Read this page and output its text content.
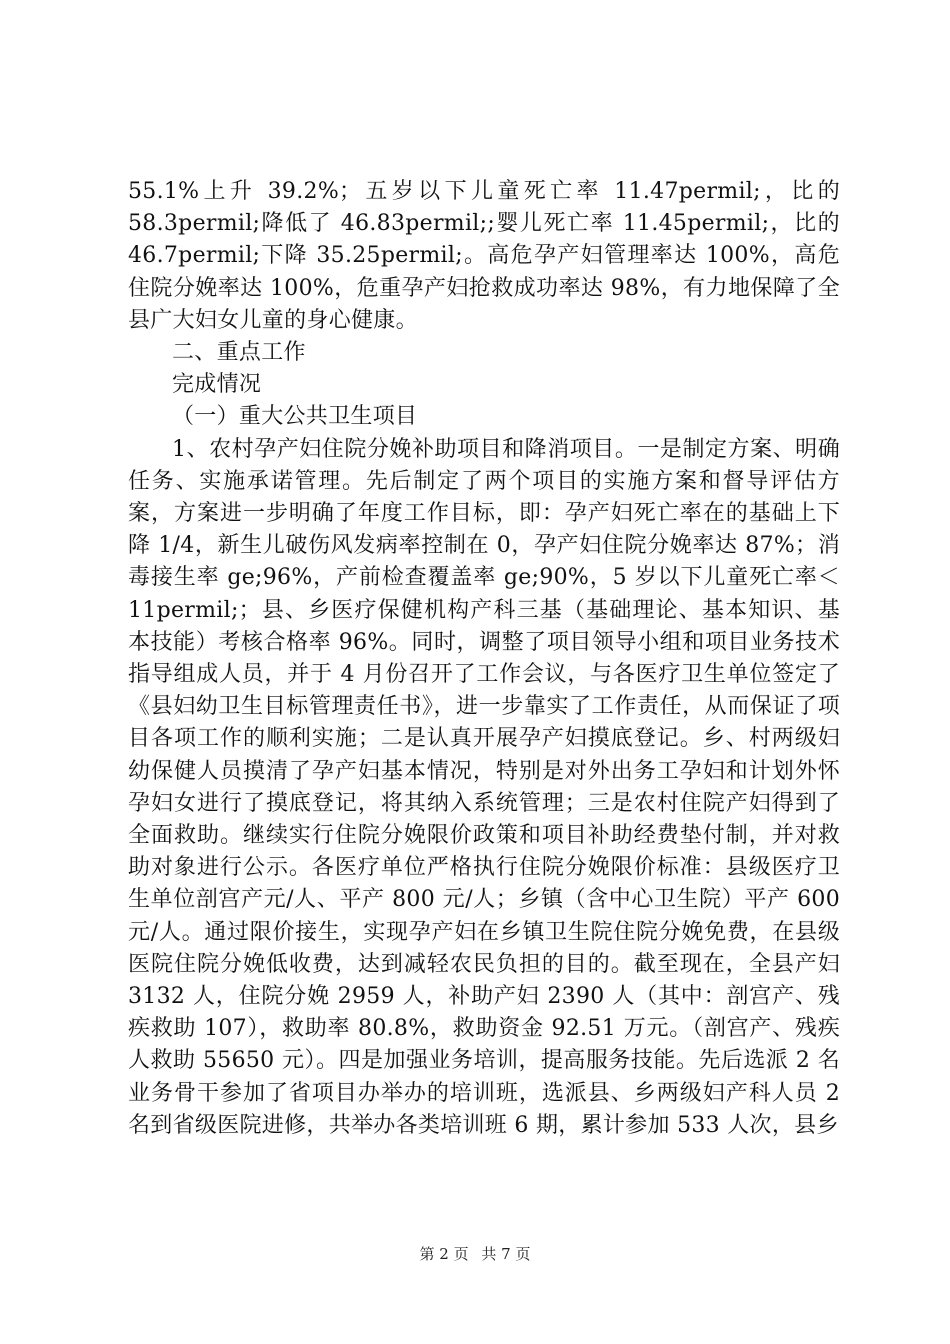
55.1%上升 39.2%；五岁以下儿童死亡率 11.47permil;，比的 58.3permil;降低了 46.83permil;;婴儿死亡率 11.45permil;，比的 46.7permil;下降 35.25permil;。高危孕产妇管理率达 100%，高危住院分娩率达 100%，危重孕产妇抢救成功率达 98%，有力地保障了全县广大妇女儿童的身心健康。

二、重点工作

完成情况

（一）重大公共卫生项目

1、农村孕产妇住院分娩补助项目和降消项目。一是制定方案、明确任务、实施承诺管理。先后制定了两个项目的实施方案和督导评估方案，方案进一步明确了年度工作目标，即：孕产妇死亡率在的基础上下降 1/4，新生儿破伤风发病率控制在 0，孕产妇住院分娩率达 87%；消毒接生率 ge;96%，产前检查覆盖率 ge;90%，5 岁以下儿童死亡率＜11permil;；县、乡医疗保健机构产科三基（基础理论、基本知识、基本技能）考核合格率 96%。同时，调整了项目领导小组和项目业务技术指导组成人员，并于 4 月份召开了工作会议，与各医疗卫生单位签定了《县妇幼卫生目标管理责任书》，进一步靠实了工作责任，从而保证了项目各项工作的顺利实施；二是认真开展孕产妇摸底登记。乡、村两级妇幼保健人员摸清了孕产妇基本情况，特别是对外出务工孕妇和计划外怀孕妇女进行了摸底登记，将其纳入系统管理；三是农村住院产妇得到了全面救助。继续实行住院分娩限价政策和项目补助经费垫付制，并对救助对象进行公示。各医疗单位严格执行住院分娩限价标准：县级医疗卫生单位剖宫产元/人、平产 800 元/人；乡镇（含中心卫生院）平产 600 元/人。通过限价接生，实现孕产妇在乡镇卫生院住院分娩免费，在县级医院住院分娩低收费，达到减轻农民负担的目的。截至现在，全县产妇 3132 人，住院分娩 2959 人，补助产妇 2390 人（其中：剖宫产、残疾救助 107），救助率 80.8%，救助资金 92.51 万元。（剖宫产、残疾人救助 55650 元）。四是加强业务培训，提高服务技能。先后选派 2 名业务骨干参加了省项目办举办的培训班，选派县、乡两级妇产科人员 2 名到省级医院进修，共举办各类培训班 6 期，累计参加 533 人次，县乡

第 2 页 共 7 页
